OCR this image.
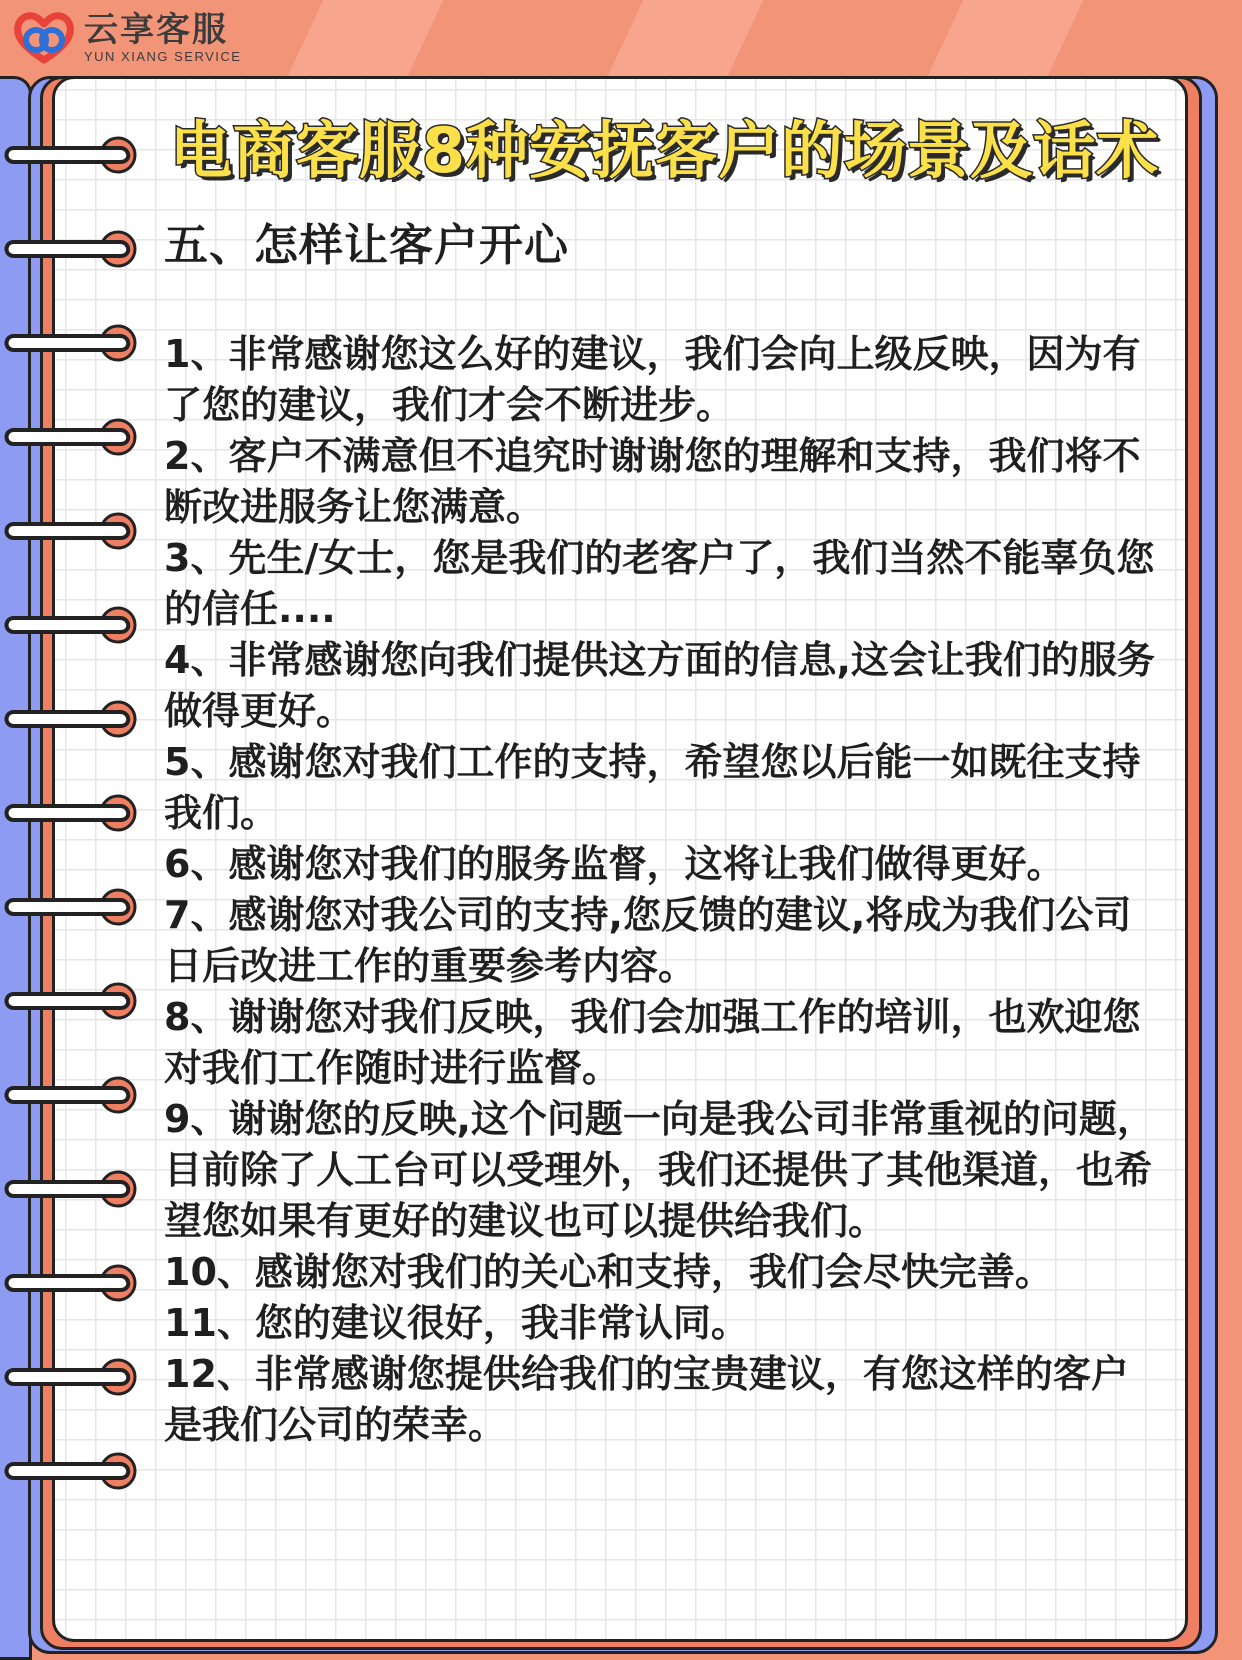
云享客服
YUN XIANG SERVICE
电商客服8种安抚客户的场景及话术
五、怎样让客户开心
1、非常感谢您这么好的建议，我们会向上级反映，因为有了您的建议，我们才会不断进步。
2、客户不满意但不追究时谢谢您的理解和支持，我们将不断改进服务让您满意。
3、先生/女士，您是我们的老客户了，我们当然不能辜负您的信任....
4、非常感谢您向我们提供这方面的信息,这会让我们的服务做得更好。
5、感谢您对我们工作的支持，希望您以后能一如既往支持我们。
6、感谢您对我们的服务监督，这将让我们做得更好。
7、感谢您对我公司的支持,您反馈的建议,将成为我们公司日后改进工作的重要参考内容。
8、谢谢您对我们反映，我们会加强工作的培训，也欢迎您对我们工作随时进行监督。
9、谢谢您的反映,这个问题一向是我公司非常重视的问题，目前除了人工台可以受理外，我们还提供了其他渠道，也希望您如果有更好的建议也可以提供给我们。
10、感谢您对我们的关心和支持，我们会尽快完善。
11、您的建议很好，我非常认同。
12、非常感谢您提供给我们的宝贵建议，有您这样的客户是我们公司的荣幸。
